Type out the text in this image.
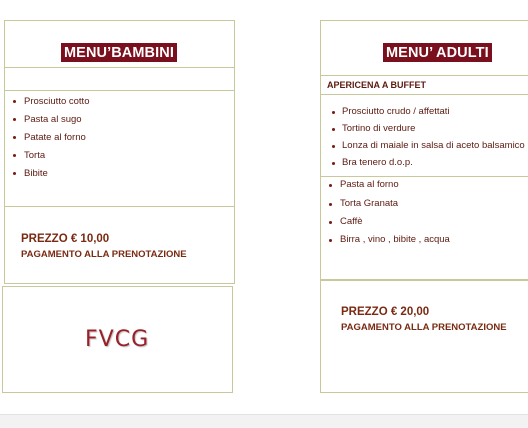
MENU’BAMBINI
Prosciutto cotto
Pasta al sugo
Patate al forno
Torta
Bibite
PREZZO € 10,00
PAGAMENTO ALLA PRENOTAZIONE
FVCG
MENU’ ADULTI
APERICENA A BUFFET
Prosciutto crudo / affettati
Tortino di verdure
Lonza di maiale in salsa di aceto balsamico
Bra tenero d.o.p.
Pasta al forno
Torta Granata
Caffè
Birra , vino , bibite , acqua
PREZZO € 20,00
PAGAMENTO ALLA PRENOTAZIONE
